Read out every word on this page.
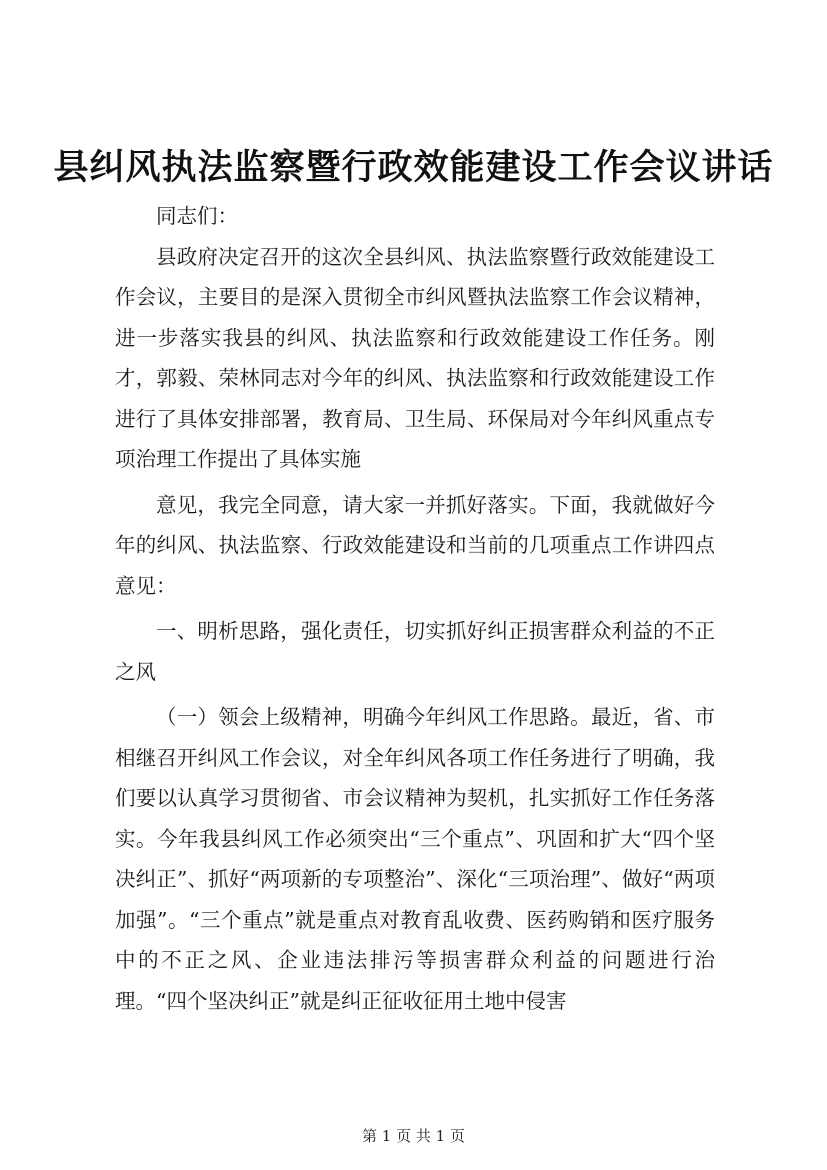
县纠风执法监察暨行政效能建设工作会议讲话

同志们：

县政府决定召开的这次全县纠风、执法监察暨行政效能建设工作会议，主要目的是深入贯彻全市纠风暨执法监察工作会议精神，进一步落实我县的纠风、执法监察和行政效能建设工作任务。刚才，郭毅、荣林同志对今年的纠风、执法监察和行政效能建设工作进行了具体安排部署，教育局、卫生局、环保局对今年纠风重点专项治理工作提出了具体实施

意见，我完全同意，请大家一并抓好落实。下面，我就做好今年的纠风、执法监察、行政效能建设和当前的几项重点工作讲四点意见：

一、明析思路，强化责任，切实抓好纠正损害群众利益的不正之风

（一）领会上级精神，明确今年纠风工作思路。最近，省、市相继召开纠风工作会议，对全年纠风各项工作任务进行了明确，我们要以认真学习贯彻省、市会议精神为契机，扎实抓好工作任务落实。今年我县纠风工作必须突出“三个重点”、巩固和扩大“四个坚决纠正”、抓好“两项新的专项整治”、深化“三项治理”、做好“两项加强”。“三个重点”就是重点对教育乱收费、医药购销和医疗服务中的不正之风、企业违法排污等损害群众利益的问题进行治理。“四个坚决纠正”就是纠正征收征用土地中侵害

第 1 页 共 1 页
